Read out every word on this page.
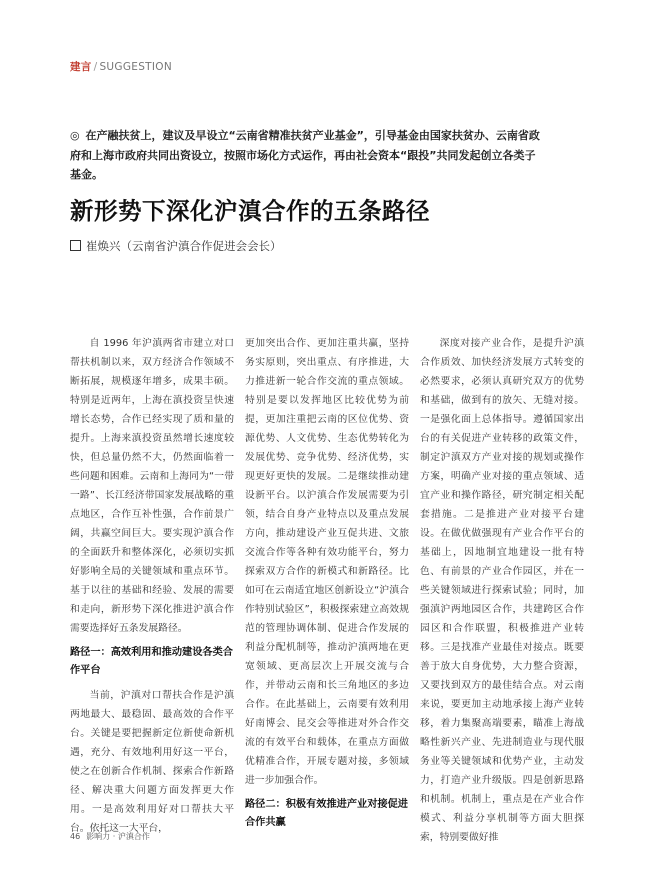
建言 / SUGGESTION
◎ 在产融扶贫上，建议及早设立“云南省精准扶贫产业基金”，引导基金由国家扶贫办、云南省政府和上海市政府共同出资设立，按照市场化方式运作，再由社会资本“跟投”共同发起创立各类子基金。
新形势下深化沪滇合作的五条路径
崔焕兴（云南省沪滇合作促进会会长）

自 1996 年沪滇两省市建立对口帮扶机制以来，双方经济合作领域不断拓展，规模逐年增多，成果丰硕。特别是近两年，上海在滇投资呈快速增长态势，合作已经实现了质和量的提升。上海来滇投资虽然增长速度较快，但总量仍然不大，仍然面临着一些问题和困难。云南和上海同为“一带一路”、长江经济带国家发展战略的重点地区，合作互补性强，合作前景广阔，共赢空间巨大。要实现沪滇合作的全面跃升和整体深化，必须切实抓好影响全局的关键领域和重点环节。基于以往的基础和经验、发展的需要和走向，新形势下深化推进沪滇合作需要选择好五条发展路径。

路径一：高效利用和推动建设各类合作平台

当前，沪滇对口帮扶合作是沪滇两地最大、最稳固、最高效的合作平台。关键是要把握新定位新使命新机遇，充分、有效地利用好这一平台，使之在创新合作机制、探索合作新路径、解决重大问题方面发挥更大作用。一是高效利用好对口帮扶大平台。依托这一大平台，

更加突出合作、更加注重共赢，坚持务实原则，突出重点、有序推进，大力推进新一轮合作交流的重点领域。特别是要以发挥地区比较优势为前提，更加注重把云南的区位优势、资源优势、人文优势、生态优势转化为发展优势、竞争优势、经济优势，实现更好更快的发展。二是继续推动建设新平台。以沪滇合作发展需要为引领，结合自身产业特点以及重点发展方向，推动建设产业互促共进、文旅交流合作等各种有效功能平台，努力探索双方合作的新模式和新路径。比如可在云南适宜地区创新设立“沪滇合作特别试验区”，积极探索建立高效规范的管理协调体制、促进合作发展的利益分配机制等，推动沪滇两地在更宽领域、更高层次上开展交流与合作，并带动云南和长三角地区的多边合作。在此基础上，云南要有效利用好南博会、昆交会等推进对外合作交流的有效平台和载体，在重点方面做优精准合作，开展专题对接，多领域进一步加强合作。

路径二：积极有效推进产业对接促进合作共赢

深度对接产业合作，是提升沪滇合作质效、加快经济发展方式转变的必然要求，必须认真研究双方的优势和基础，做到有的放矢、无缝对接。一是强化面上总体指导。遵循国家出台的有关促进产业转移的政策文件，制定沪滇双方产业对接的规划或操作方案，明确产业对接的重点领域、适宜产业和操作路径，研究制定相关配套措施。二是推进产业对接平台建设。在做优做强现有产业合作平台的基础上，因地制宜地建设一批有特色、有前景的产业合作园区，并在一些关键领域进行探索试验；同时，加强滇沪两地园区合作，共建跨区合作园区和合作联盟，积极推进产业转移。三是找准产业最佳对接点。既要善于放大自身优势，大力整合资源，又要找到双方的最佳结合点。对云南来说，要更加主动地承接上海产业转移，着力集聚高端要素，瞄准上海战略性新兴产业、先进制造业与现代服务业等关键领域和优势产业，主动发力，打造产业升级版。四是创新思路和机制。机制上，重点是在产业合作模式、利益分享机制等方面大胆探索，特别要做好推

46 影响力 · 沪滇合作
